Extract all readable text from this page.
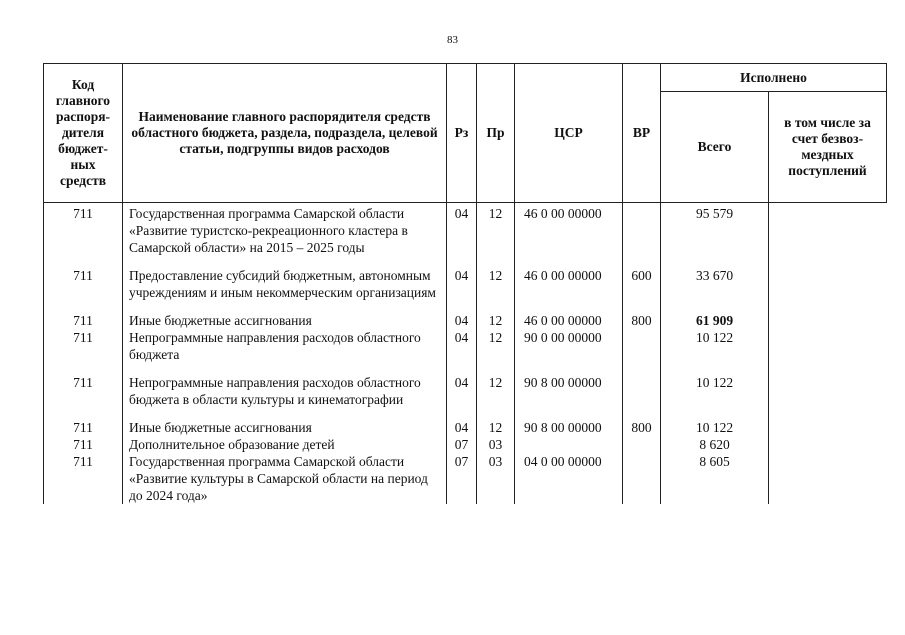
83
Код главного распоря-дителя бюджет-ных средств	Наименование главного распорядителя средств областного бюджета, раздела, подраздела, целевой статьи, подгруппы видов расходов	Рз	Пр	ЦСР	ВР	Исполнено	
						Всего	в том числе за счет безвоз-мездных поступлений
711	Государственная программа Самарской области «Развитие туристско-рекреационного кластера в Самарской области» на 2015 – 2025 годы	04	12	46 0 00 00000		95 579	
711	Предоставление субсидий бюджетным, автономным учреждениям и иным некоммерческим организациям	04	12	46 0 00 00000	600	33 670	
711	Иные бюджетные ассигнования	04	12	46 0 00 00000	800	61 909	
711	Непрограммные направления расходов областного бюджета	04	12	90 0 00 00000		10 122	
711	Непрограммные направления расходов областного бюджета в области культуры и кинематографии	04	12	90 8 00 00000		10 122	
711	Иные бюджетные ассигнования	04	12	90 8 00 00000	800	10 122	
711	Дополнительное образование детей	07	03			8 620	
711	Государственная программа Самарской области «Развитие культуры в Самарской области на период до 2024 года»	07	03	04 0 00 00000		8 605	
